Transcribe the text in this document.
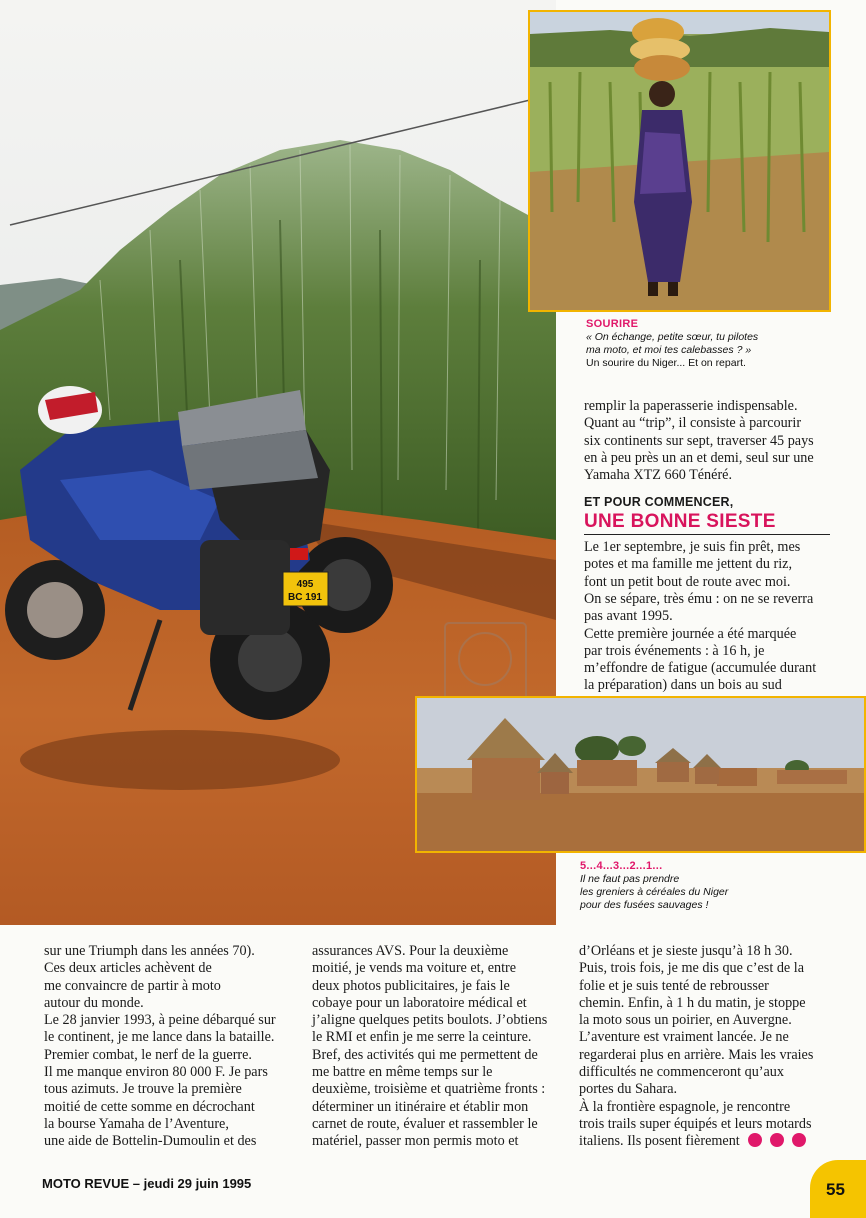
495
BC 191
SOURIRE
« On échange, petite sœur, tu pilotes
ma moto, et moi tes calebasses ? »
Un sourire du Niger... Et on repart.

remplir la paperasserie indispensable.

Quant au “trip”, il consiste à parcourir

six continents sur sept, traverser 45 pays

en à peu près un an et demi, seul sur une

Yamaha XTZ 660 Ténéré.

ET POUR COMMENCER,
UNE BONNE SIESTE

Le 1er septembre, je suis fin prêt, mes

potes et ma famille me jettent du riz,

font un petit bout de route avec moi.

On se sépare, très ému : on ne se reverra

pas avant 1995.

Cette première journée a été marquée

par trois événements : à 16 h, je

m’effondre de fatigue (accumulée durant

la préparation) dans un bois au sud

5...4...3...2...1...
Il ne faut pas prendre
les greniers à céréales du Niger
pour des fusées sauvages !

sur une Triumph dans les années 70).

Ces deux articles achèvent de

me convaincre de partir à moto

autour du monde.

Le 28 janvier 1993, à peine débarqué sur

le continent, je me lance dans la bataille.

Premier combat, le nerf de la guerre.

Il me manque environ 80 000 F. Je pars

tous azimuts. Je trouve la première

moitié de cette somme en décrochant

la bourse Yamaha de l’Aventure,

une aide de Bottelin-Dumoulin et des

assurances AVS. Pour la deuxième

moitié, je vends ma voiture et, entre

deux photos publicitaires, je fais le

cobaye pour un laboratoire médical et

j’aligne quelques petits boulots. J’obtiens

le RMI et enfin je me serre la ceinture.

Bref, des activités qui me permettent de

me battre en même temps sur le

deuxième, troisième et quatrième fronts :

déterminer un itinéraire et établir mon

carnet de route, évaluer et rassembler le

matériel, passer mon permis moto et

d’Orléans et je sieste jusqu’à 18 h 30.

Puis, trois fois, je me dis que c’est de la

folie et je suis tenté de rebrousser

chemin. Enfin, à 1 h du matin, je stoppe

la moto sous un poirier, en Auvergne.

L’aventure est vraiment lancée. Je ne

regarderai plus en arrière. Mais les vraies

difficultés ne commenceront qu’aux

portes du Sahara.

À la frontière espagnole, je rencontre

trois trails super équipés et leurs motards

italiens. Ils posent fièrement

MOTO REVUE – jeudi 29 juin 1995	55
